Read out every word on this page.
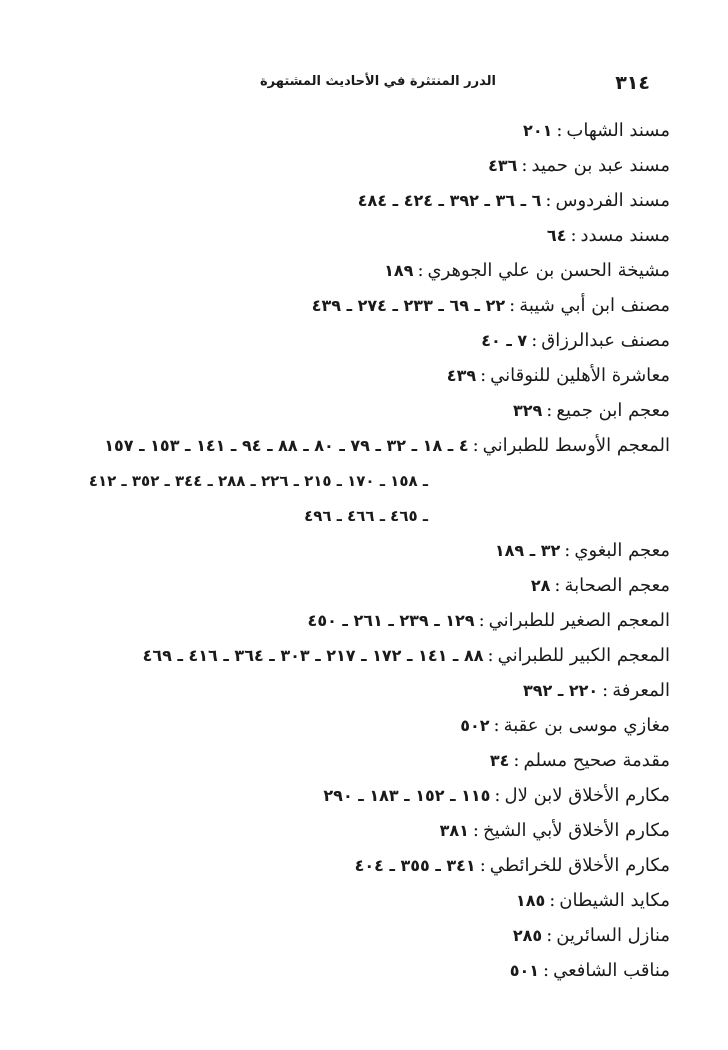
٣١٤
الدرر المنتثرة في الأحاديث المشتهرة
مسند الشهاب:٢٠١
مسند عبد بن حميد:٤٣٦
مسند الفردوس:٦ ـ ٣٦ ـ ٣٩٢ ـ ٤٢٤ ـ ٤٨٤
مسند مسدد:٦٤
مشيخة الحسن بن علي الجوهري:١٨٩
مصنف ابن أبي شيبة:٢٢ ـ ٦٩ ـ ٢٣٣ ـ ٢٧٤ ـ ٤٣٩
مصنف عبدالرزاق:٧ ـ ٤٠
معاشرة الأهلين للنوقاني:٤٣٩
معجم ابن جميع:٣٢٩
المعجم الأوسط للطبراني:٤ ـ ١٨ ـ ٣٢ ـ ٧٩ ـ ٨٠ ـ ٨٨ ـ ٩٤ ـ ١٤١ ـ ١٥٣ ـ ١٥٧
ـ ١٥٨ ـ ١٧٠ ـ ٢١٥ ـ ٢٢٦ ـ ٢٨٨ ـ ٣٤٤ ـ ٣٥٢ ـ ٤١٢
ـ ٤٦٥ ـ ٤٦٦ ـ ٤٩٦
معجم البغوي:٣٢ ـ ١٨٩
معجم الصحابة:٢٨
المعجم الصغير للطبراني:١٢٩ ـ ٢٣٩ ـ ٢٦١ ـ ٤٥٠
المعجم الكبير للطبراني:٨٨ ـ ١٤١ ـ ١٧٢ ـ ٢١٧ ـ ٣٠٣ ـ ٣٦٤ ـ ٤١٦ ـ ٤٦٩
المعرفة:٢٢٠ ـ ٣٩٢
مغازي موسى بن عقبة:٥٠٢
مقدمة صحيح مسلم:٣٤
مكارم الأخلاق لابن لال:١١٥ ـ ١٥٢ ـ ١٨٣ ـ ٢٩٠
مكارم الأخلاق لأبي الشيخ:٣٨١
مكارم الأخلاق للخرائطي:٣٤١ ـ ٣٥٥ ـ ٤٠٤
مكايد الشيطان:١٨٥
منازل السائرين:٢٨٥
مناقب الشافعي:٥٠١
